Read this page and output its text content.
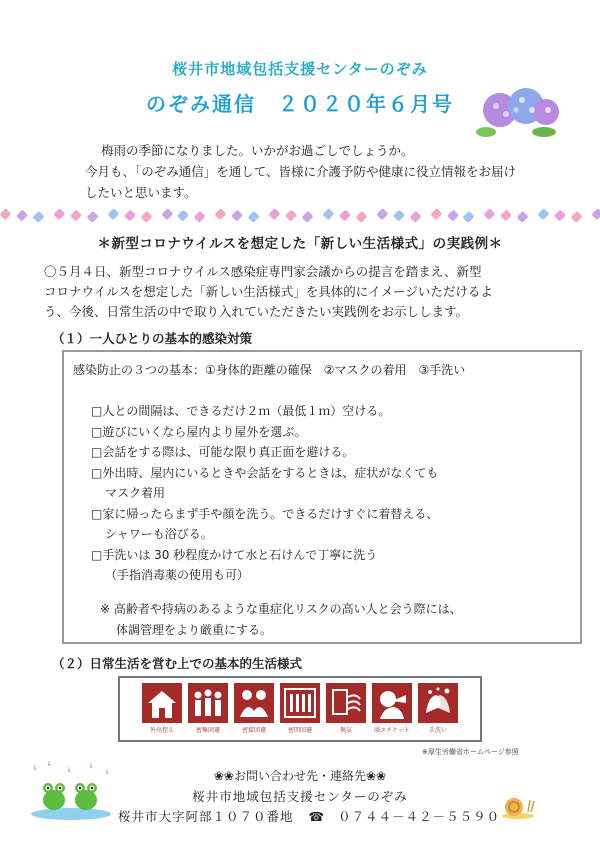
桜井市地域包括支援センターのぞみ
のぞみ通信　２０２０年６月号

梅雨の季節になりました。いかがお過ごしでしょうか。

今月も、「のぞみ通信」を通して、皆様に介護予防や健康に役立情報をお届け

したいと思います。

＊新型コロナウイルスを想定した「新しい生活様式」の実践例＊

〇５月４日、新型コロナウイルス感染症専門家会議からの提言を踏まえ、新型

コロナウイルスを想定した「新しい生活様式」を具体的にイメージいただけるよ

う、今後、日常生活の中で取り入れていただきたい実践例をお示しします。

（１）一人ひとりの基本的感染対策
感染防止の３つの基本：①身体的距離の確保　②マスクの着用　③手洗い
□人との間隔は、できるだけ２ｍ（最低１ｍ）空ける。
□遊びにいくなら屋内より屋外を選ぶ。
□会話をする際は、可能な限り真正面を避ける。
□外出時、屋内にいるときや会話をするときは、症状がなくても
マスク着用
□家に帰ったらまず手や顔を洗う。できるだけすぐに着替える、
シャワーも浴びる。
□手洗いは 30 秒程度かけて水と石けんで丁寧に洗う
（手指消毒薬の使用も可）
※ 高齢者や持病のあるような重症化リスクの高い人と会う際には、
体調管理をより厳重にする。
（２）日常生活を営む上での基本的生活様式
外出控え	密集回避	密接回避	密閉回避	換気	咳エチケット	手洗い
※厚生労働省ホームページ参照
❀❀お問い合わせ先・連絡先❀❀
桜井市地域包括支援センターのぞみ
桜井市大字阿部１０７０番地 ☎ ０７４４－４２－５５９０
